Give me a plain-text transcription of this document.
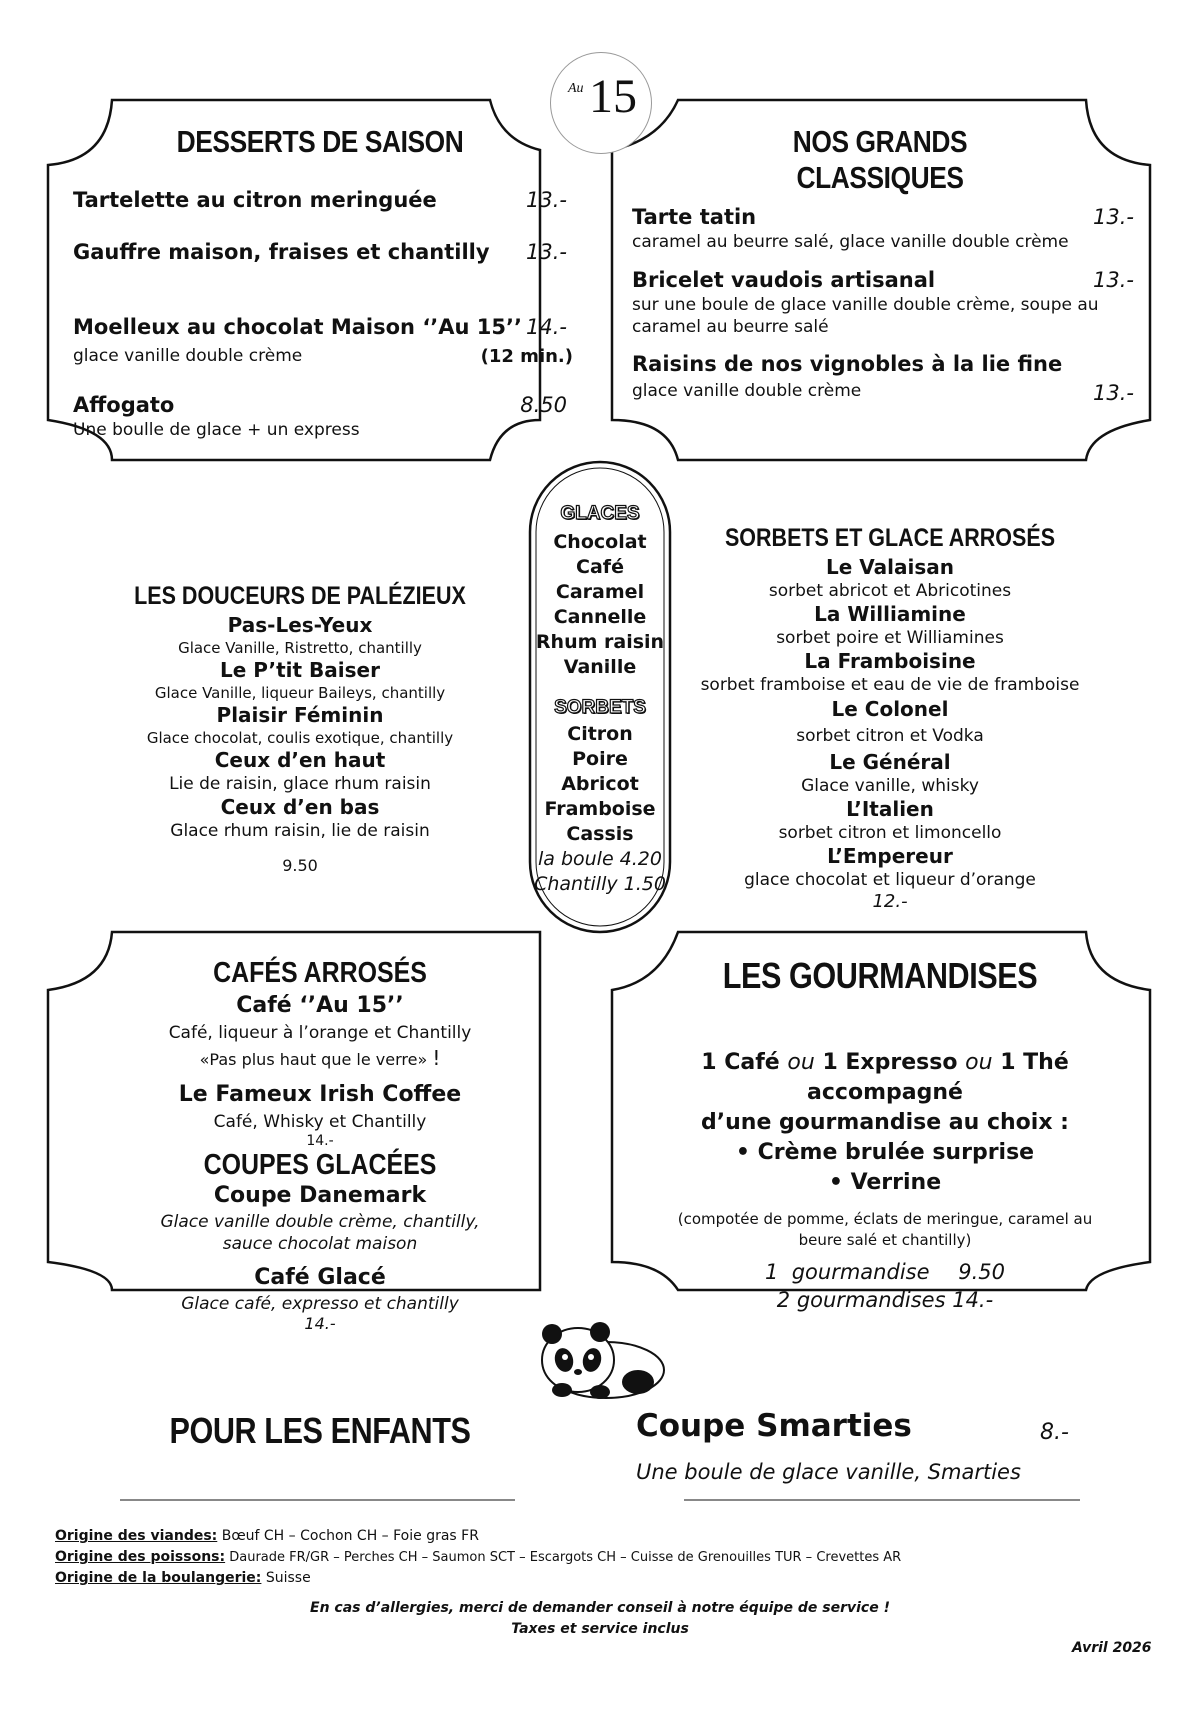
Au 15
DESSERTS DE SAISON
Tartelette au citron meringuée	13.-
Gauffre maison, fraises et chantilly 13.-
Moelleux au chocolat Maison ‘’Au 15’’ 14.-
glace vanille double crème	(12 min.)
Affogato	8.50
Une boulle de glace + un express
NOS GRANDS CLASSIQUES
Tarte tatin	13.-
caramel au beurre salé, glace vanille double crème
Bricelet vaudois artisanal	13.-
sur une boule de glace vanille double crème, soupe au
caramel au beurre salé
Raisins de nos vignobles à la lie fine
glace vanille double crème	13.-
GLACES
Chocolat
Café
Caramel
Cannelle
Rhum raisin
Vanille
SORBETS
Citron
Poire
Abricot
Framboise
Cassis
la boule 4.20
Chantilly 1.50
LES DOUCEURS DE PALÉZIEUX
Pas-Les-Yeux
Glace Vanille, Ristretto, chantilly
Le P’tit Baiser
Glace Vanille, liqueur Baileys, chantilly
Plaisir Féminin
Glace chocolat, coulis exotique, chantilly
Ceux d’en haut
Lie de raisin, glace rhum raisin
Ceux d’en bas
Glace rhum raisin, lie de raisin
9.50
SORBETS ET GLACE ARROSÉS
Le Valaisan
sorbet abricot et Abricotines
La Williamine
sorbet poire et Williamines
La Framboisine
sorbet framboise et eau de vie de framboise
Le Colonel
sorbet citron et Vodka
Le Général
Glace vanille, whisky
L’Italien
sorbet citron et limoncello
L’Empereur
glace chocolat et liqueur d’orange
12.-
CAFÉS ARROSÉS
Café ‘’Au 15’’
Café, liqueur à l’orange et Chantilly
«Pas plus haut que le verre» !
Le Fameux Irish Coffee
Café, Whisky et Chantilly
14.-
COUPES GLACÉES
Coupe Danemark
Glace vanille double crème, chantilly,
sauce chocolat maison
Café Glacé
Glace café, expresso et chantilly
14.-
LES GOURMANDISES
1 Café ou 1 Expresso ou 1 Thé
accompagné
d’une gourmandise au choix :
• Crème brulée surprise
• Verrine
(compotée de pomme, éclats de meringue, caramel au
beure salé et chantilly)
1  gourmandise 9.50
2 gourmandises 14.-
POUR LES ENFANTS	Coupe Smarties	8.-
Une boule de glace vanille, Smarties
Origine des viandes: Bœuf CH – Cochon CH – Foie gras FR
Origine des poissons: Daurade FR/GR – Perches CH – Saumon SCT – Escargots CH – Cuisse de Grenouilles TUR – Crevettes AR
Origine de la boulangerie: Suisse
En cas d’allergies, merci de demander conseil à notre équipe de service !
Taxes et service inclus
Avril 2026
